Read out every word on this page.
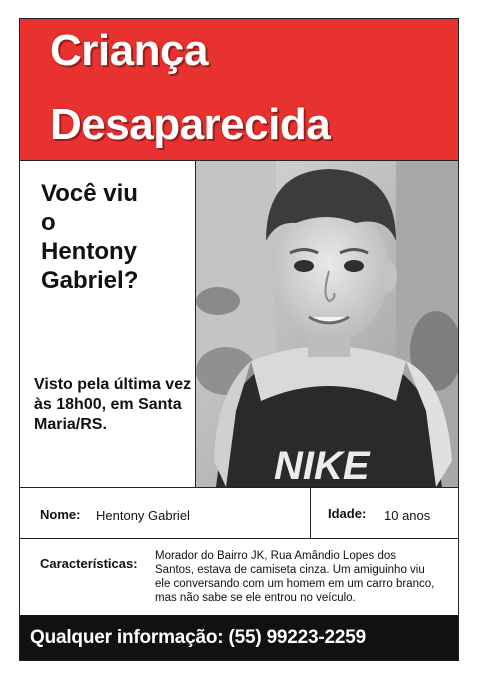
Criança
Desaparecida

Você viu
o
Hentony
Gabriel?

Visto pela última vez às 18h00, em Santa Maria/RS.

NIKE
Nome: Hentony Gabriel	Idade: 10 anos
Características: Morador do Bairro JK, Rua Amândio Lopes dos Santos, estava de camiseta cinza. Um amiguinho viu ele conversando com um homem em um carro branco, mas não sabe se ele entrou no veículo.

Qualquer informação: (55) 99223-2259
